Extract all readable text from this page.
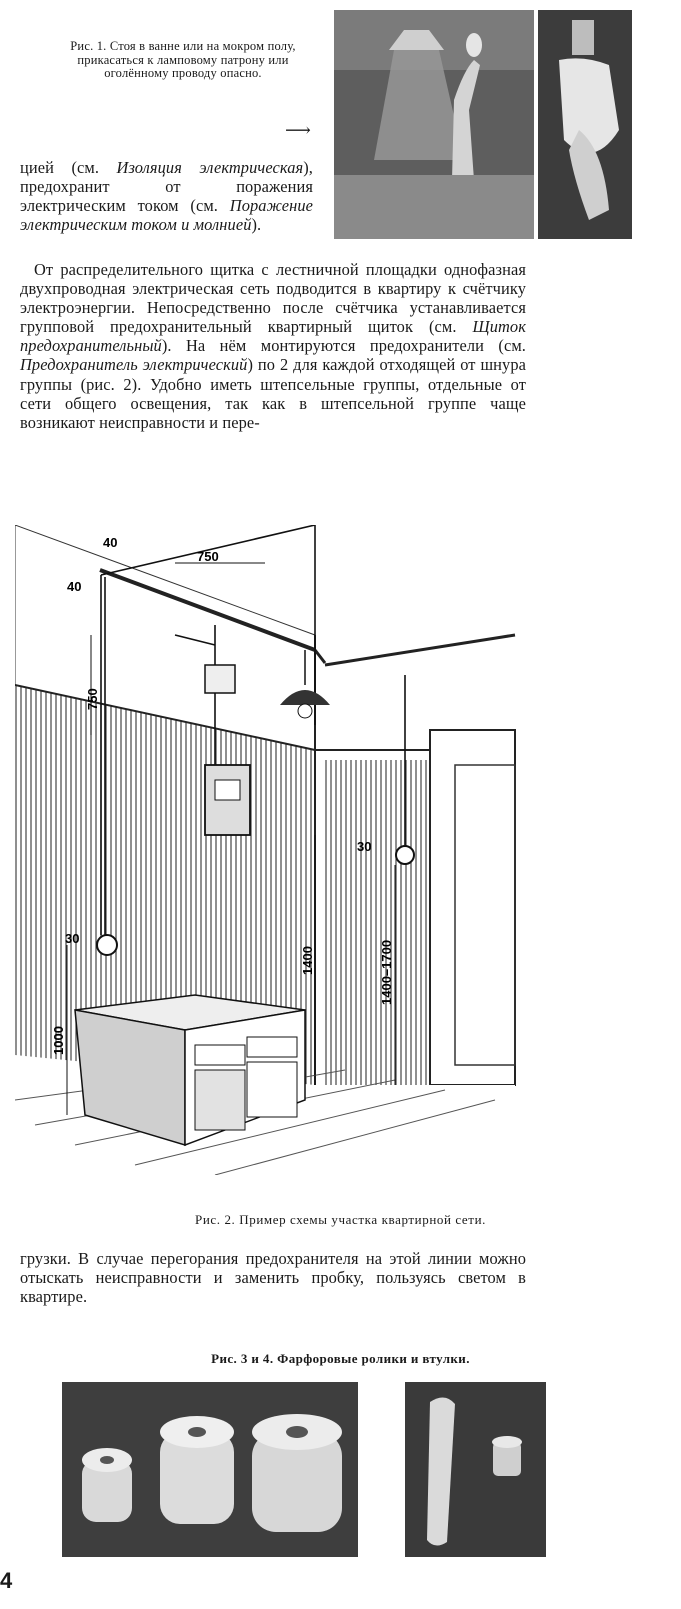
Рис. 1. Стоя в ванне или на мокром полу, прикасаться к ламповому патрону или оголённому проводу опасно.
⟶
цией (см. Изоляция электрическая), предохранит от поражения электрическим током (см. Поражение электрическим током и молнией).
От распределительного щитка с лестничной площадки однофазная двухпроводная электрическая сеть подводится в квартиру к счётчику электроэнергии. Непосредственно после счётчика устанавливается групповой предохранительный квартирный щиток (см. Щиток предохранительный). На нём монтируются предохранители (см. Предохранитель электрический) по 2 для каждой отходящей от шнура группы (рис. 2). Удобно иметь штепсельные группы, отдельные от сети общего освещения, так как в штепсельной группе чаще возникают неисправности и пере-
40
40
750
750
30
1000
1400
30
1400–1700
Рис. 2. Пример схемы участка квартирной сети.
грузки. В случае перегорания предохранителя на этой линии можно отыскать неисправности и заменить пробку, пользуясь светом в квартире.
Рис. 3 и 4. Фарфоровые ролики и втулки.
4
